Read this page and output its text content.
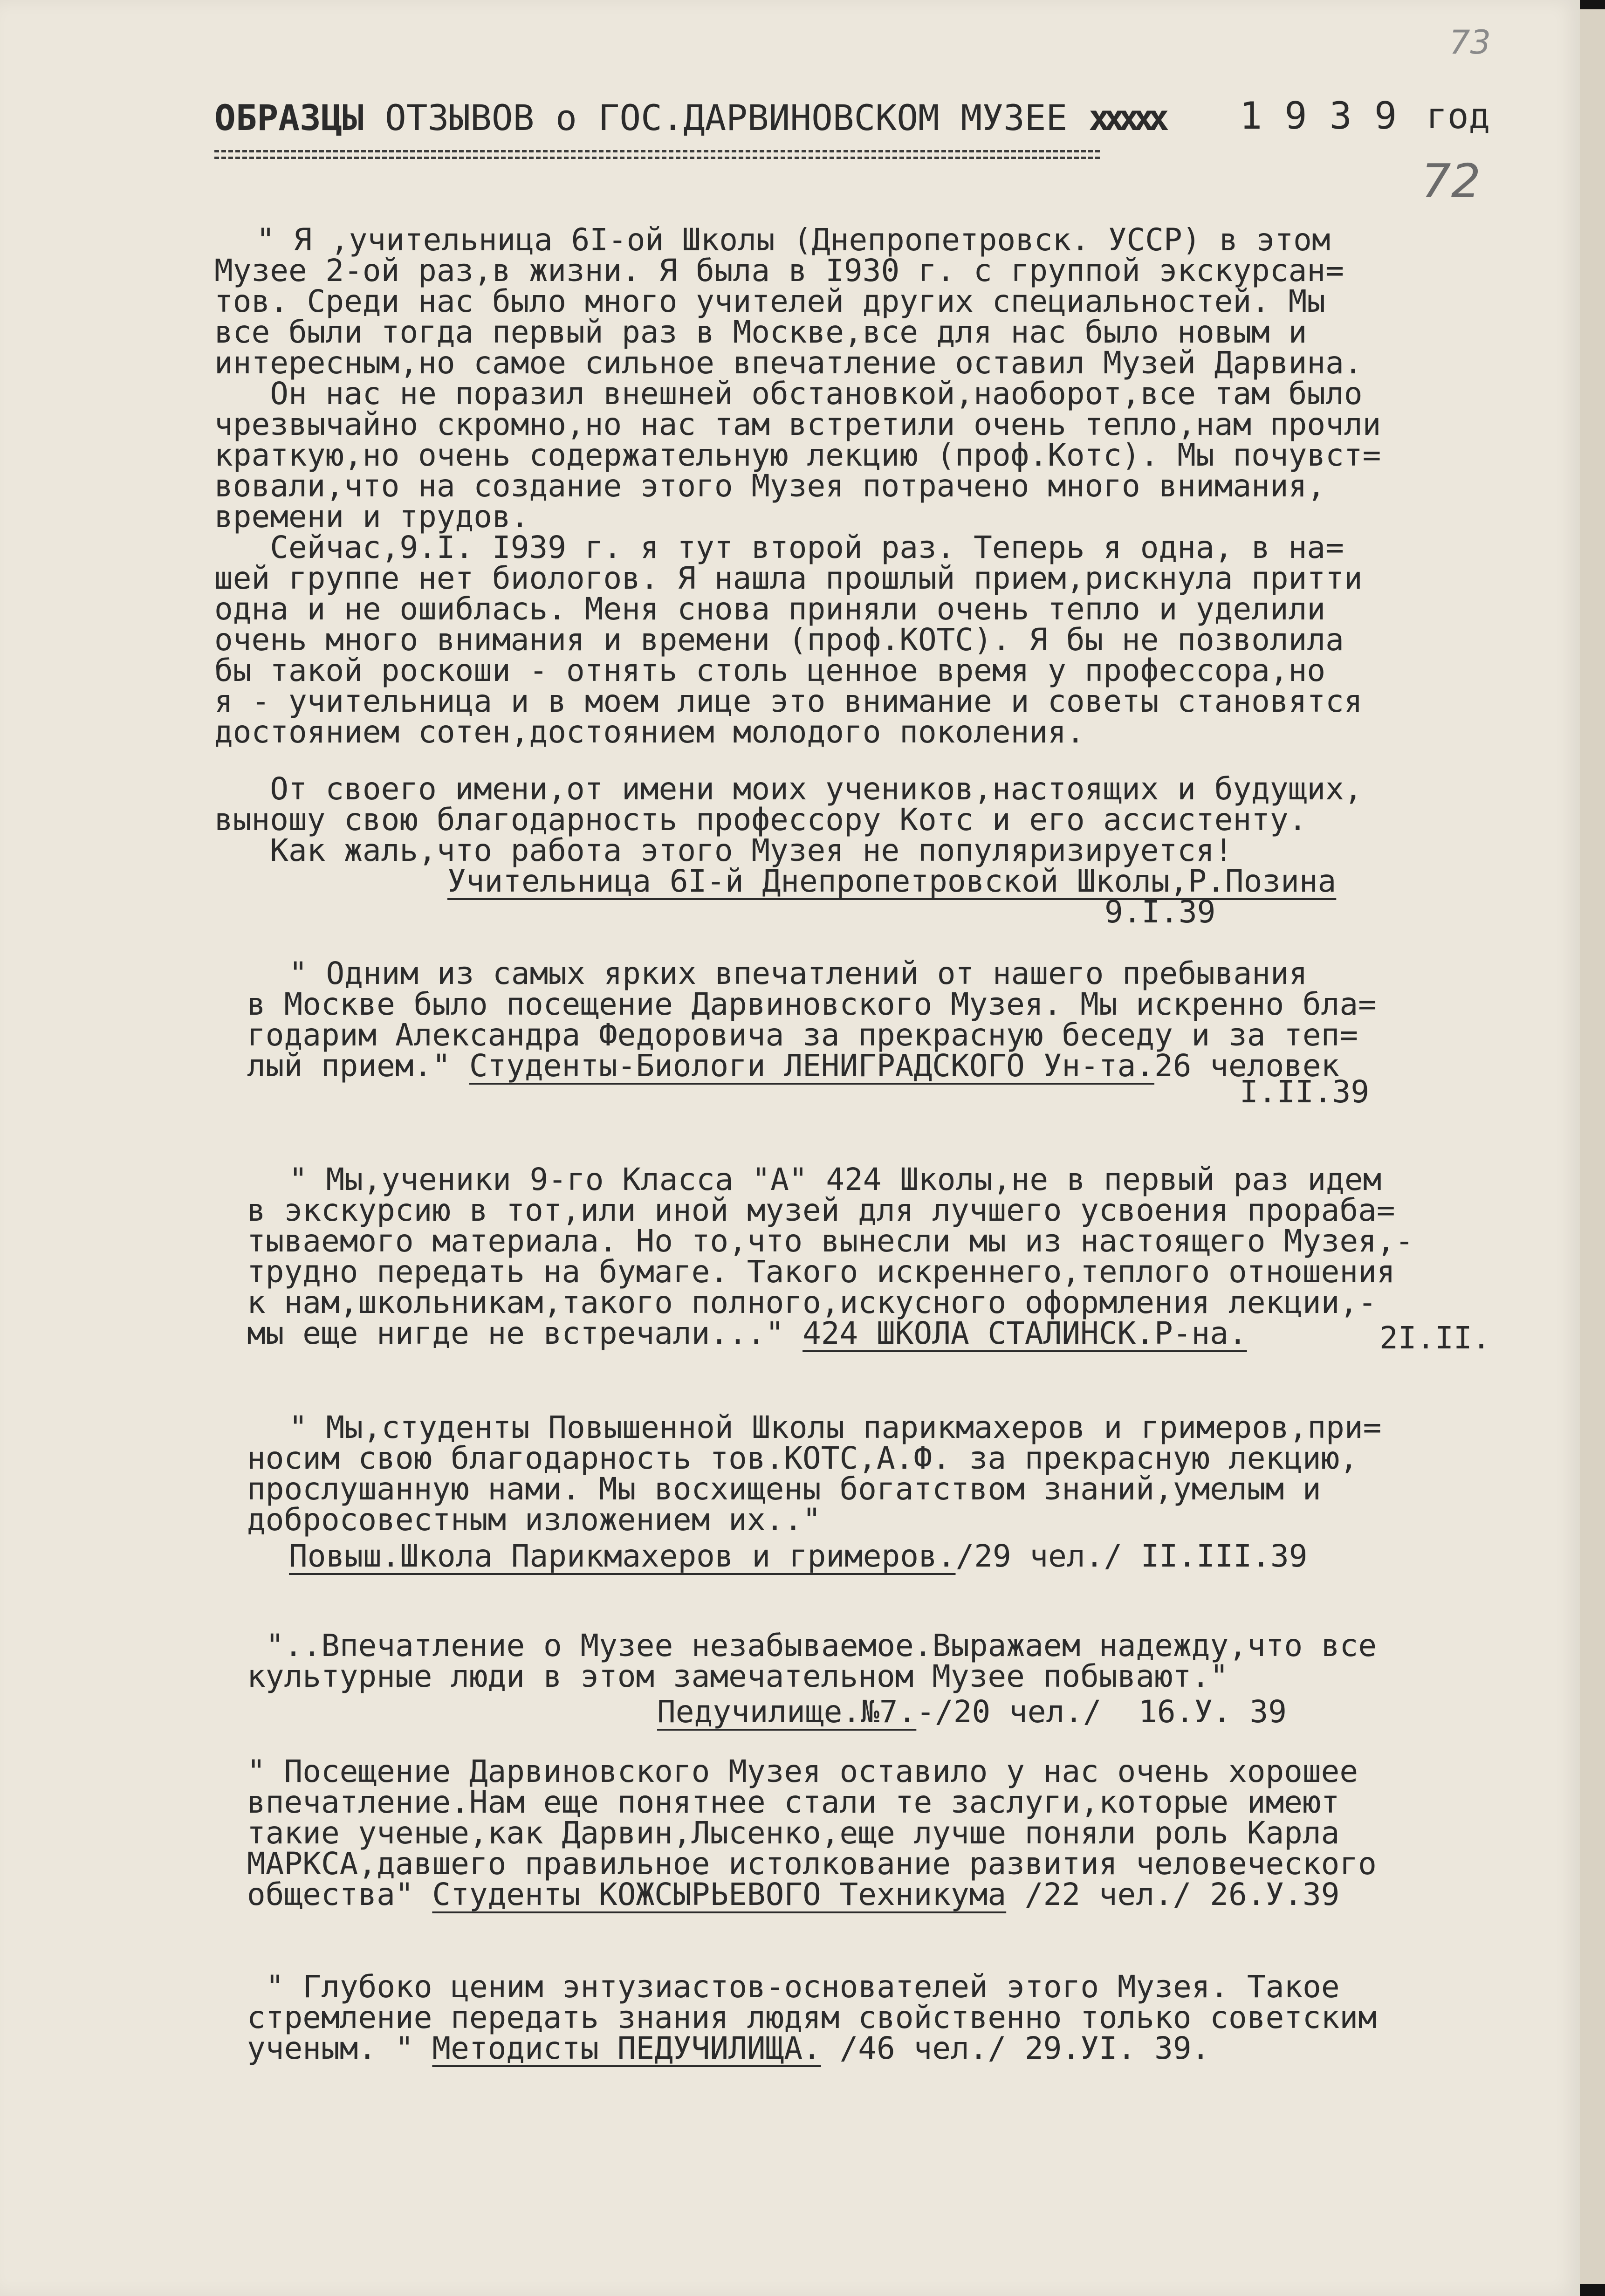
73
ОБРАЗЦЫ ОТЗЫВОВ о ГОС.ДАРВИНОВСКОМ МУЗЕЕ xxxxx 1 9 3 9 год
72
" Я ,учительница 6I-ой Школы (Днепропетровск. УССР) в этом
Музее 2-ой раз,в жизни. Я была в I930 г. с группой экскурсан=
тов. Среди нас было много учителей других специальностей. Мы
все были тогда первый раз в Москве,все для нас было новым и
интересным,но самое сильное впечатление оставил Музей Дарвина.
Он нас не поразил внешней обстановкой,наоборот,все там было
чрезвычайно скромно,но нас там встретили очень тепло,нам прочли
краткую,но очень содержательную лекцию (проф.Котс). Мы почувст=
вовали,что на создание этого Музея потрачено много внимания,
времени и трудов.
Сейчас,9.I. I939 г. я тут второй раз. Теперь я одна, в на=
шей группе нет биологов. Я нашла прошлый прием,рискнула притти
одна и не ошиблась. Меня снова приняли очень тепло и уделили
очень много внимания и времени (проф.КОТС). Я бы не позволила
бы такой роскоши - отнять столь ценное время у профессора,но
я - учительница и в моем лице это внимание и советы становятся
достоянием сотен,достоянием молодого поколения.
От своего имени,от имени моих учеников,настоящих и будущих,
выношу свою благодарность профессору Котс и его ассистенту.
Как жаль,что работа этого Музея не популяризируется!
Учительница 6I-й Днепропетровской Школы,Р.Позина
9.I.39
" Одним из самых ярких впечатлений от нашего пребывания
в Москве было посещение Дарвиновского Музея. Мы искренно бла=
годарим Александра Федоровича за прекрасную беседу и за теп=
лый прием." Студенты-Биологи ЛЕНИГРАДСКОГО Ун-та.26 человек
I.II.39
" Мы,ученики 9-го Класса "А" 424 Школы,не в первый раз идем
в экскурсию в тот,или иной музей для лучшего усвоения прораба=
тываемого материала. Но то,что вынесли мы из настоящего Музея,-
трудно передать на бумаге. Такого искреннего,теплого отношения
к нам,школьникам,такого полного,искусного оформления лекции,-
мы еще нигде не встречали..." 424 ШКОЛА СТАЛИНСК.Р-на.	2I.II.
" Мы,студенты Повышенной Школы парикмахеров и гримеров,при=
носим свою благодарность тов.КОТС,А.Ф. за прекрасную лекцию,
прослушанную нами. Мы восхищены богатством знаний,умелым и
добросовестным изложением их.."
Повыш.Школа Парикмахеров и гримеров./29 чел./ II.III.39
"..Впечатление о Музее незабываемое.Выражаем надежду,что все
культурные люди в этом замечательном Музее побывают."
Педучилище.№7.-/20 чел./ 16.У. 39
" Посещение Дарвиновского Музея оставило у нас очень хорошее
впечатление.Нам еще понятнее стали те заслуги,которые имеют
такие ученые,как Дарвин,Лысенко,еще лучше поняли роль Карла
МАРКСА,давшего правильное истолкование развития человеческого
общества" Студенты КОЖСЫРЬЕВОГО Техникума /22 чел./ 26.У.39
" Глубоко ценим энтузиастов-основателей этого Музея. Такое
стремление передать знания людям свойственно только советским
ученым. " Методисты ПЕДУЧИЛИЩА. /46 чел./ 29.УI. 39.
